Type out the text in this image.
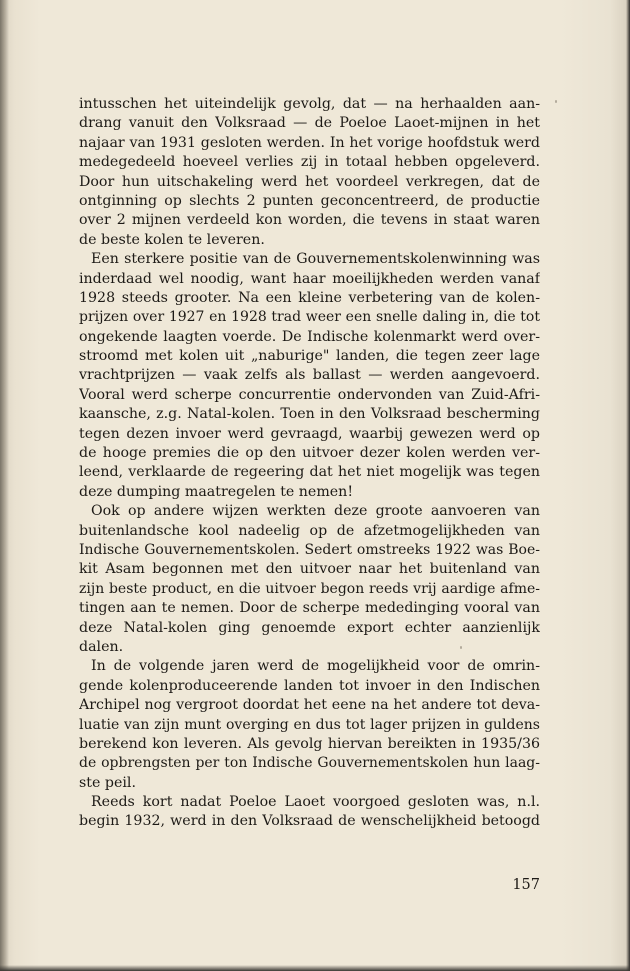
intusschen het uiteindelijk gevolg, dat — na herhaalden aan-
drang vanuit den Volksraad — de Poeloe Laoet-mijnen in het
najaar van 1931 gesloten werden. In het vorige hoofdstuk werd
medegedeeld hoeveel verlies zij in totaal hebben opgeleverd.
Door hun uitschakeling werd het voordeel verkregen, dat de
ontginning op slechts 2 punten geconcentreerd, de productie
over 2 mijnen verdeeld kon worden, die tevens in staat waren
de beste kolen te leveren.
Een sterkere positie van de Gouvernementskolenwinning was
inderdaad wel noodig, want haar moeilijkheden werden vanaf
1928 steeds grooter. Na een kleine verbetering van de kolen-
prijzen over 1927 en 1928 trad weer een snelle daling in, die tot
ongekende laagten voerde. De Indische kolenmarkt werd over-
stroomd met kolen uit „naburige" landen, die tegen zeer lage
vrachtprijzen — vaak zelfs als ballast — werden aangevoerd.
Vooral werd scherpe concurrentie ondervonden van Zuid-Afri-
kaansche, z.g. Natal-kolen. Toen in den Volksraad bescherming
tegen dezen invoer werd gevraagd, waarbij gewezen werd op
de hooge premies die op den uitvoer dezer kolen werden ver-
leend, verklaarde de regeering dat het niet mogelijk was tegen
deze dumping maatregelen te nemen!
Ook op andere wijzen werkten deze groote aanvoeren van
buitenlandsche kool nadeelig op de afzetmogelijkheden van
Indische Gouvernementskolen. Sedert omstreeks 1922 was Boe-
kit Asam begonnen met den uitvoer naar het buitenland van
zijn beste product, en die uitvoer begon reeds vrij aardige afme-
tingen aan te nemen. Door de scherpe mededinging vooral van
deze Natal-kolen ging genoemde export echter aanzienlijk
dalen.
In de volgende jaren werd de mogelijkheid voor de omrin-
gende kolenproduceerende landen tot invoer in den Indischen
Archipel nog vergroot doordat het eene na het andere tot deva-
luatie van zijn munt overging en dus tot lager prijzen in guldens
berekend kon leveren. Als gevolg hiervan bereikten in 1935/36
de opbrengsten per ton Indische Gouvernementskolen hun laag-
ste peil.
Reeds kort nadat Poeloe Laoet voorgoed gesloten was, n.l.
begin 1932, werd in den Volksraad de wenschelijkheid betoogd
157
